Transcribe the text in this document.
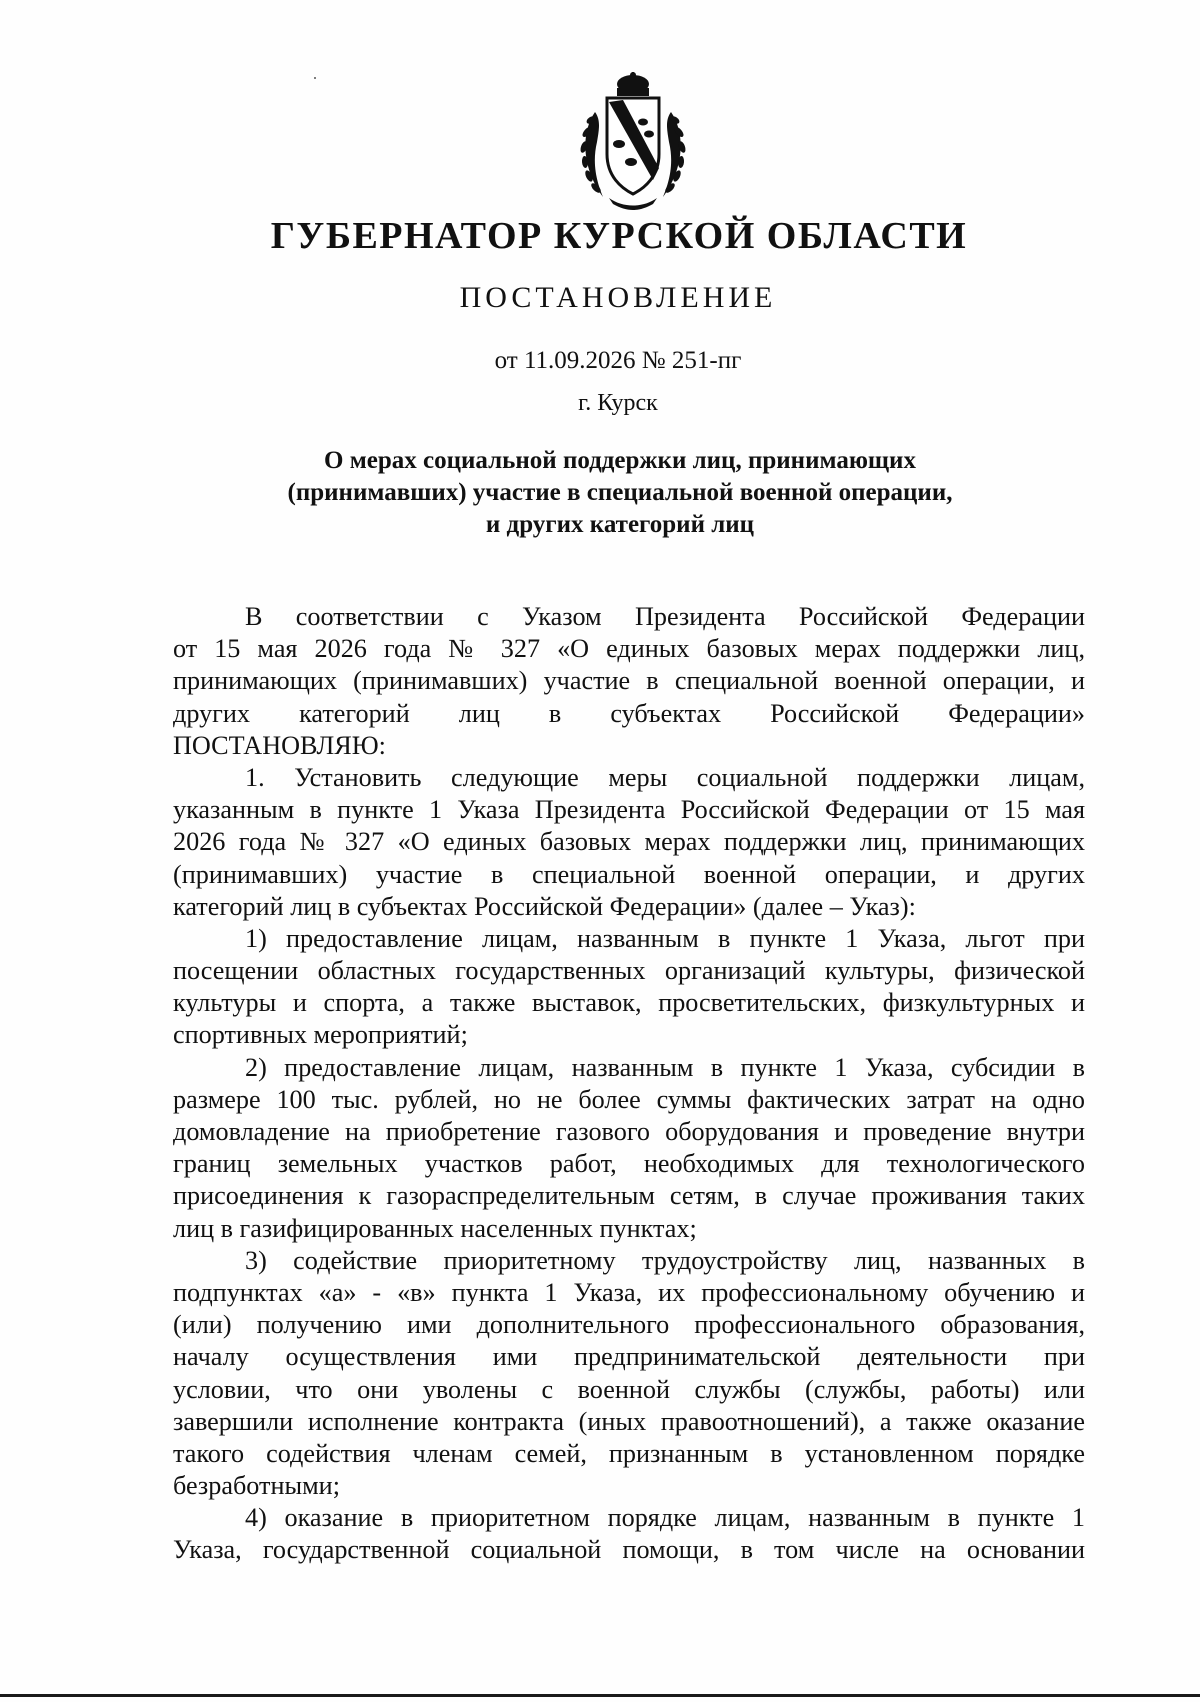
ГУБЕРНАТОР КУРСКОЙ ОБЛАСТИ
ПОСТАНОВЛЕНИЕ
от 11.09.2026 № 251-пг
г. Курск
О мерах социальной поддержки лиц, принимающих
(принимавших) участие в специальной военной операции,
и других категорий лиц
В соответствии с Указом Президента Российской Федерации
от 15 мая 2026 года № 327 «О единых базовых мерах поддержки лиц,
принимающих (принимавших) участие в специальной военной операции, и
других категорий лиц в субъектах Российской Федерации»
ПОСТАНОВЛЯЮ:
1. Установить следующие меры социальной поддержки лицам,
указанным в пункте 1 Указа Президента Российской Федерации от 15 мая
2026 года № 327 «О единых базовых мерах поддержки лиц, принимающих
(принимавших) участие в специальной военной операции, и других
категорий лиц в субъектах Российской Федерации» (далее – Указ):
1) предоставление лицам, названным в пункте 1 Указа, льгот при
посещении областных государственных организаций культуры, физической
культуры и спорта, а также выставок, просветительских, физкультурных и
спортивных мероприятий;
2) предоставление лицам, названным в пункте 1 Указа, субсидии в
размере 100 тыс. рублей, но не более суммы фактических затрат на одно
домовладение на приобретение газового оборудования и проведение внутри
границ земельных участков работ, необходимых для технологического
присоединения к газораспределительным сетям, в случае проживания таких
лиц в газифицированных населенных пунктах;
3) содействие приоритетному трудоустройству лиц, названных в
подпунктах «а» - «в» пункта 1 Указа, их профессиональному обучению и
(или) получению ими дополнительного профессионального образования,
началу осуществления ими предпринимательской деятельности при
условии, что они уволены с военной службы (службы, работы) или
завершили исполнение контракта (иных правоотношений), а также оказание
такого содействия членам семей, признанным в установленном порядке
безработными;
4) оказание в приоритетном порядке лицам, названным в пункте 1
Указа, государственной социальной помощи, в том числе на основании
